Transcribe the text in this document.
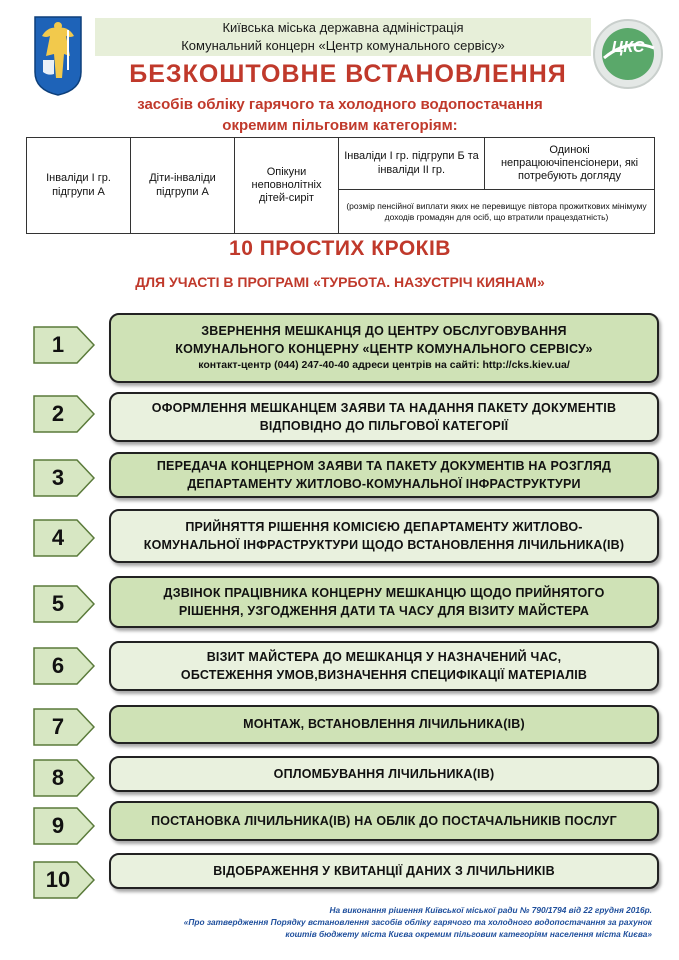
Київська міська державна адміністрація
Комунальний концерн «Центр комунального сервісу»	ЦКС
БЕЗКОШТОВНЕ ВСТАНОВЛЕННЯ
засобів обліку гарячого та холодного водопостачання
окремим пільговим категоріям:
Інваліди І гр. підгрупи А	Діти-інваліди підгрупи А	Опікуни неповнолітніх дітей-сиріт	Інваліди І гр. підгрупи Б та інваліди ІІ гр.	Одинокі непрацюючіпенсіонери, які потребують догляду
(розмір пенсійної виплати яких не перевищує півтора прожиткових мінімуму доходів громадян для осіб, що втратили працездатність)
10 ПРОСТИХ КРОКІВ
ДЛЯ УЧАСТІ В ПРОГРАМІ «ТУРБОТА. НАЗУСТРІЧ КИЯНАМ»
1
ЗВЕРНЕННЯ МЕШКАНЦЯ ДО ЦЕНТРУ ОБСЛУГОВУВАННЯ
КОМУНАЛЬНОГО КОНЦЕРНУ «ЦЕНТР КОМУНАЛЬНОГО СЕРВІСУ»
контакт-центр (044) 247-40-40 адреси центрів на сайті: http://cks.kiev.ua/
2	ОФОРМЛЕННЯ МЕШКАНЦЕМ ЗАЯВИ ТА НАДАННЯ ПАКЕТУ ДОКУМЕНТІВ
ВІДПОВІДНО ДО ПІЛЬГОВОЇ КАТЕГОРІЇ
3	ПЕРЕДАЧА КОНЦЕРНОМ ЗАЯВИ ТА ПАКЕТУ ДОКУМЕНТІВ НА РОЗГЛЯД
ДЕПАРТАМЕНТУ ЖИТЛОВО-КОМУНАЛЬНОЇ ІНФРАСТРУКТУРИ
4	ПРИЙНЯТТЯ РІШЕННЯ КОМІСІЄЮ ДЕПАРТАМЕНТУ ЖИТЛОВО-
КОМУНАЛЬНОЇ ІНФРАСТРУКТУРИ ЩОДО ВСТАНОВЛЕННЯ ЛІЧИЛЬНИКА(ІВ)
5	ДЗВІНОК ПРАЦІВНИКА КОНЦЕРНУ МЕШКАНЦЮ ЩОДО ПРИЙНЯТОГО
РІШЕННЯ, УЗГОДЖЕННЯ ДАТИ ТА ЧАСУ ДЛЯ ВІЗИТУ МАЙСТЕРА
6	ВІЗИТ МАЙСТЕРА ДО МЕШКАНЦЯ У НАЗНАЧЕНИЙ ЧАС,
ОБСТЕЖЕННЯ УМОВ,ВИЗНАЧЕННЯ СПЕЦИФІКАЦІЇ МАТЕРІАЛІВ
7	МОНТАЖ, ВСТАНОВЛЕННЯ ЛІЧИЛЬНИКА(ІВ)
8	ОПЛОМБУВАННЯ ЛІЧИЛЬНИКА(ІВ)
9	ПОСТАНОВКА ЛІЧИЛЬНИКА(ІВ) НА ОБЛІК ДО ПОСТАЧАЛЬНИКІВ ПОСЛУГ
10	ВІДОБРАЖЕННЯ У КВИТАНЦІЇ ДАНИХ З ЛІЧИЛЬНИКІВ
На виконання рішення Київської міської ради № 790/1794 від 22 грудня 2016р.
«Про затвердження Порядку встановлення засобів обліку гарячого та холодного водопостачання за рахунок
коштів бюджету міста Києва окремим пільговим категоріям населення міста Києва»
